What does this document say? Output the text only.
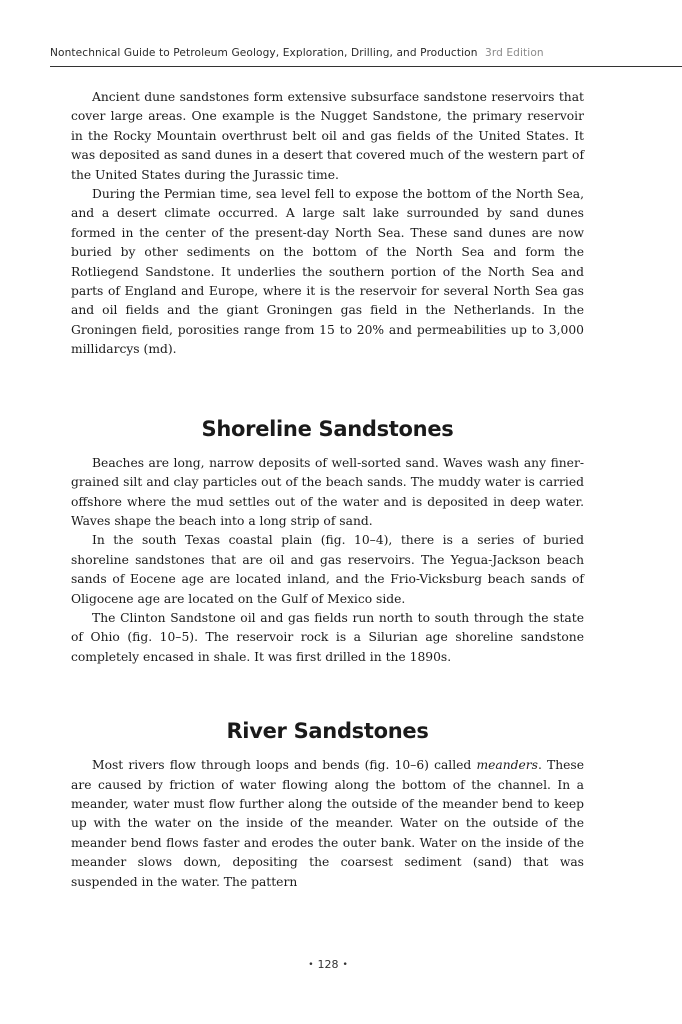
Nontechnical Guide to Petroleum Geology, Exploration, Drilling, and Production 3rd Edition

Ancient dune sandstones form extensive subsurface sandstone reservoirs that cover large areas. One example is the Nugget Sandstone, the primary reservoir in the Rocky Mountain overthrust belt oil and gas fields of the United States. It was deposited as sand dunes in a desert that covered much of the western part of the United States during the Jurassic time.

During the Permian time, sea level fell to expose the bottom of the North Sea, and a desert climate occurred. A large salt lake surrounded by sand dunes formed in the center of the present-day North Sea. These sand dunes are now buried by other sediments on the bottom of the North Sea and form the Rotliegend Sandstone. It underlies the southern portion of the North Sea and parts of England and Europe, where it is the reservoir for several North Sea gas and oil fields and the giant Groningen gas field in the Netherlands. In the Groningen field, porosities range from 15 to 20% and permeabilities up to 3,000 millidarcys (md).

Shoreline Sandstones

Beaches are long, narrow deposits of well-sorted sand. Waves wash any finer-grained silt and clay particles out of the beach sands. The muddy water is carried offshore where the mud settles out of the water and is deposited in deep water. Waves shape the beach into a long strip of sand.

In the south Texas coastal plain (fig. 10–4), there is a series of buried shoreline sandstones that are oil and gas reservoirs. The Yegua-Jackson beach sands of Eocene age are located inland, and the Frio-Vicksburg beach sands of Oligocene age are located on the Gulf of Mexico side.

The Clinton Sandstone oil and gas fields run north to south through the state of Ohio (fig. 10–5). The reservoir rock is a Silurian age shoreline sandstone completely encased in shale. It was first drilled in the 1890s.

River Sandstones

Most rivers flow through loops and bends (fig. 10–6) called meanders. These are caused by friction of water flowing along the bottom of the channel. In a meander, water must flow further along the outside of the meander bend to keep up with the water on the inside of the meander. Water on the outside of the meander bend flows faster and erodes the outer bank. Water on the inside of the meander slows down, depositing the coarsest sediment (sand) that was suspended in the water. The pattern

• 128 •
